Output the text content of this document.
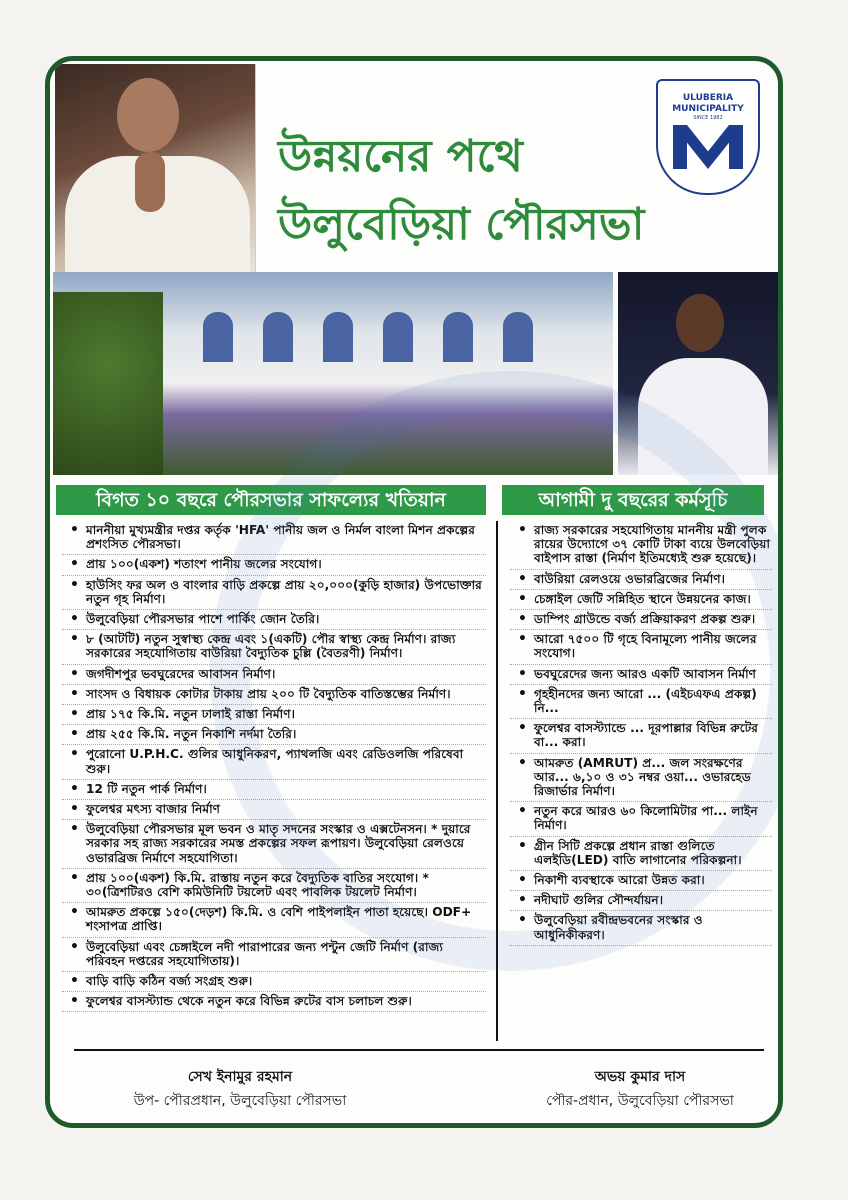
উন্নয়নের পথে
উলুবেড়িয়া পৌরসভা
ULUBERIA MUNICIPALITY
SINCE 1982
বিগত ১০ বছরে পৌরসভার সাফল্যের খতিয়ান	আগামী দু বছরের কর্মসূচি
• মাননীয়া মুখ্যমন্ত্রীর দপ্তর কর্তৃক 'HFA' পানীয় জল ও নির্মল বাংলা মিশন প্রকল্পের প্রশংসিত পৌরসভা।
• প্রায় ১০০(একশ) শতাংশ পানীয় জলের সংযোগ।
• হাউসিং ফর অল ও বাংলার বাড়ি প্রকল্পে প্রায় ২০,০০০(কুড়ি হাজার) উপভোক্তার নতুন গৃহ নির্মাণ।
• উলুবেড়িয়া পৌরসভার পাশে পার্কিং জোন তৈরি।
• ৮ (আটটি) নতুন সুস্বাস্থ্য কেন্দ্র এবং ১(একটি) পৌর স্বাস্থ্য কেন্দ্র নির্মাণ। রাজ্য সরকারের সহযোগিতায় বাউরিয়া বৈদ্যুতিক চুল্লি (বৈতরণী) নির্মাণ।
• জগদীশপুর ভবঘুরেদের আবাসন নির্মাণ।
• সাংসদ ও বিধায়ক কোটার টাকায় প্রায় ২০০ টি বৈদ্যুতিক বাতিস্তম্ভের নির্মাণ।
• প্রায় ১৭৫ কি.মি. নতুন ঢালাই রাস্তা নির্মাণ।
• প্রায় ২৫৫ কি.মি. নতুন নিকাশি নর্দমা তৈরি।
• পুরোনো U.P.H.C. গুলির আধুনিকরণ, প্যাথলজি এবং রেডিওলজি পরিষেবা শুরু।
• 12 টি নতুন পার্ক নির্মাণ।
• ফুলেশ্বর মৎস্য বাজার নির্মাণ
• উলুবেড়িয়া পৌরসভার মূল ভবন ও মাতৃ সদনের সংস্কার ও এক্সটেনসন। * দুয়ারে সরকার সহ রাজ্য সরকারের সমস্ত প্রকল্পের সফল রূপায়ণ। উলুবেড়িয়া রেলওয়ে ওভারব্রিজ নির্মাণে সহযোগিতা।
• প্রায় ১০০(একশ) কি.মি. রাস্তায় নতুন করে বৈদ্যুতিক বাতির সংযোগ। * ৩০(ত্রিশটিরও বেশি কমিউনিটি টয়লেট এবং পাবলিক টয়লেট নির্মাণ।
• আমরুত প্রকল্পে ১৫০(দেড়শ) কি.মি. ও বেশি পাইপলাইন পাতা হয়েছে। ODF+ শংসাপত্র প্রাপ্তি।
• উলুবেড়িয়া এবং চেঙ্গাইলে নদী পারাপারের জন্য পন্টুন জেটি নির্মাণ (রাজ্য পরিবহন দপ্তরের সহযোগিতায়)।
• বাড়ি বাড়ি কঠিন বর্জ্য সংগ্রহ শুরু।
• ফুলেশ্বর বাসস্ট্যান্ড থেকে নতুন করে বিভিন্ন রুটের বাস চলাচল শুরু।
• রাজ্য সরকারের সহযোগিতায় মাননীয় মন্ত্রী পুলক রায়ের উদ্যোগে ৩৭ কোটি টাকা ব্যয়ে উলবেড়িয়া বাইপাস রাস্তা (নির্মাণ ইতিমধ্যেই শুরু হয়েছে)।
• বাউরিয়া রেলওয়ে ওভারব্রিজের নির্মাণ।
• চেঙ্গাইল জেটি সন্নিহিত স্থানে উন্নয়নের কাজ।
• ডাম্পিং গ্রাউন্ডে বর্জ্য প্রক্রিয়াকরণ প্রকল্প শুরু।
• আরো ৭৫০০ টি গৃহে বিনামূল্যে পানীয় জলের সংযোগ।
• ভবঘুরেদের জন্য আরও একটি আবাসন নির্মাণ
• গৃহহীনদের জন্য আরো ... (এইচএফএ প্রকল্প) নি...
• ফুলেশ্বর বাসস্ট্যান্ডে ... দূরপাল্লার বিভিন্ন রুটের বা... করা।
• আমরুত (AMRUT) প্র... জল সংরক্ষণের আর... ৬,১০ ও ৩১ নম্বর ওয়া... ওভারহেড রিজার্ভার নির্মাণ।
• নতুন করে আরও ৬০ কিলোমিটার পা... লাইন নির্মাণ।
• গ্রীন সিটি প্রকল্পে প্রধান রাস্তা গুলিতে এলইডি(LED) বাতি লাগানোর পরিকল্পনা।
• নিকাশী ব্যবস্থাকে আরো উন্নত করা।
• নদীঘাট গুলির সৌন্দর্যায়ন।
• উলুবেড়িয়া রবীন্দ্রভবনের সংস্কার ও আধুনিকীকরণ।
সেখ ইনামুর রহমান
উপ- পৌরপ্রধান, উলুবেড়িয়া পৌরসভা
অভয় কুমার দাস
পৌর-প্রধান, উলুবেড়িয়া পৌরসভা
